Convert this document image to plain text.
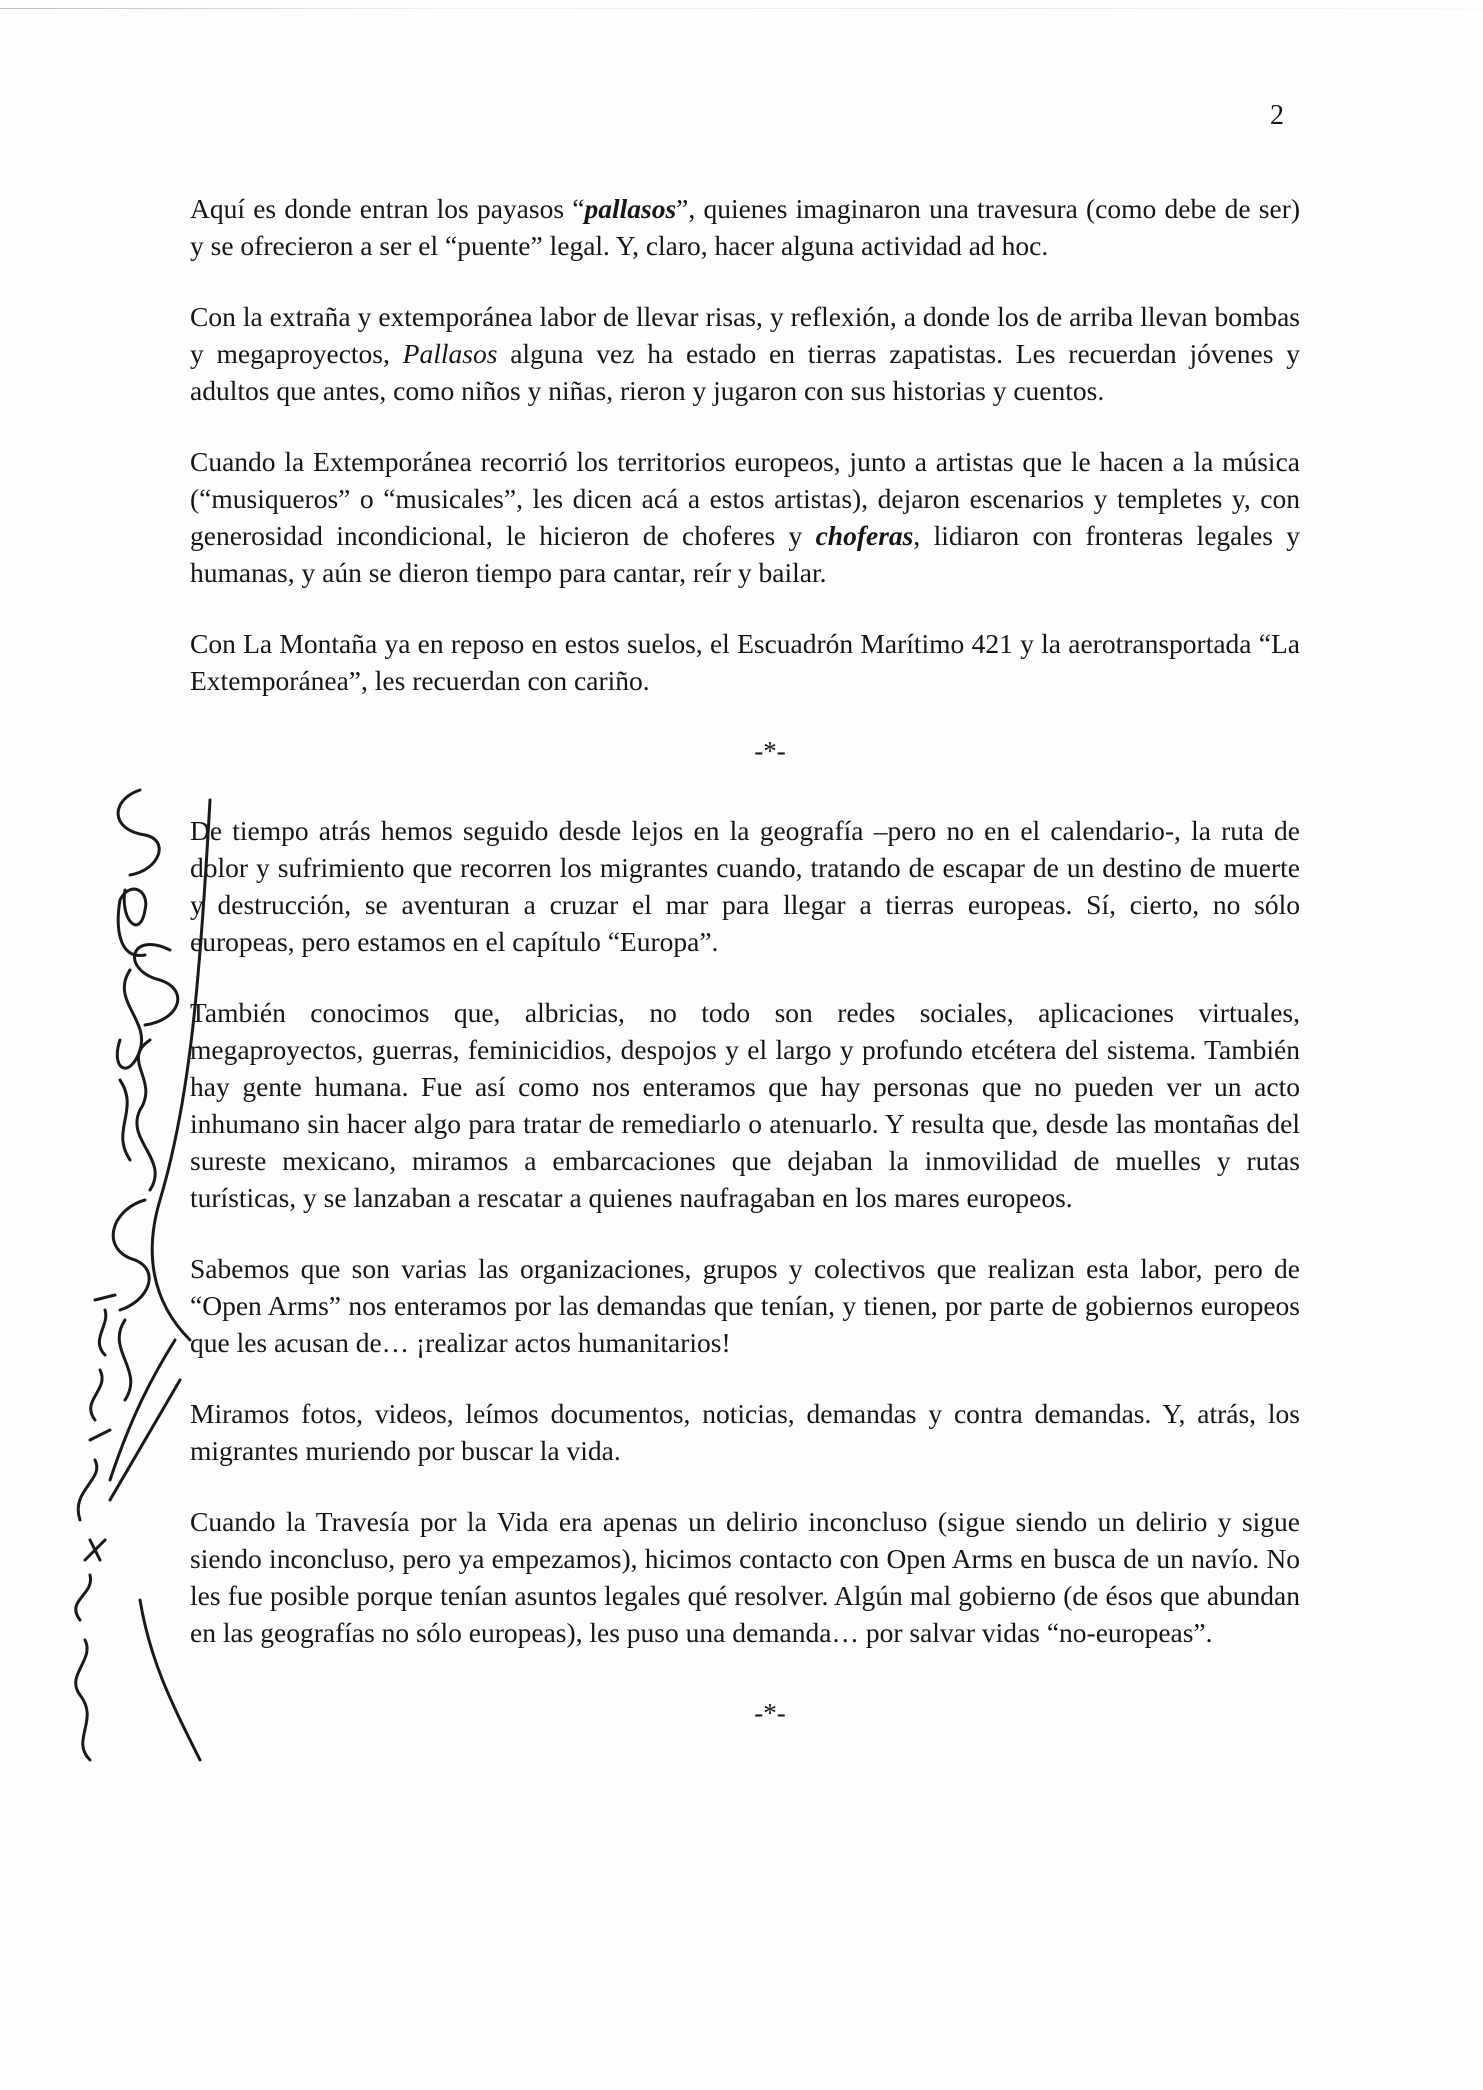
2

Aquí es donde entran los payasos “pallasos”, quienes imaginaron una travesura (como debe de ser) y se ofrecieron a ser el “puente” legal. Y, claro, hacer alguna actividad ad hoc.

Con la extraña y extemporánea labor de llevar risas, y reflexión, a donde los de arriba llevan bombas y megaproyectos, Pallasos alguna vez ha estado en tierras zapatistas. Les recuerdan jóvenes y adultos que antes, como niños y niñas, rieron y jugaron con sus historias y cuentos.

Cuando la Extemporánea recorrió los territorios europeos, junto a artistas que le hacen a la música (“musiqueros” o “musicales”, les dicen acá a estos artistas), dejaron escenarios y templetes y, con generosidad incondicional, le hicieron de choferes y choferas, lidiaron con fronteras legales y humanas, y aún se dieron tiempo para cantar, reír y bailar.

Con La Montaña ya en reposo en estos suelos, el Escuadrón Marítimo 421 y la aerotransportada “La Extemporánea”, les recuerdan con cariño.

-*-

De tiempo atrás hemos seguido desde lejos en la geografía –pero no en el calendario-, la ruta de dolor y sufrimiento que recorren los migrantes cuando, tratando de escapar de un destino de muerte y destrucción, se aventuran a cruzar el mar para llegar a tierras europeas. Sí, cierto, no sólo europeas, pero estamos en el capítulo “Europa”.

También conocimos que, albricias, no todo son redes sociales, aplicaciones virtuales, megaproyectos, guerras, feminicidios, despojos y el largo y profundo etcétera del sistema. También hay gente humana. Fue así como nos enteramos que hay personas que no pueden ver un acto inhumano sin hacer algo para tratar de remediarlo o atenuarlo. Y resulta que, desde las montañas del sureste mexicano, miramos a embarcaciones que dejaban la inmovilidad de muelles y rutas turísticas, y se lanzaban a rescatar a quienes naufragaban en los mares europeos.

Sabemos que son varias las organizaciones, grupos y colectivos que realizan esta labor, pero de “Open Arms” nos enteramos por las demandas que tenían, y tienen, por parte de gobiernos europeos que les acusan de… ¡realizar actos humanitarios!

Miramos fotos, videos, leímos documentos, noticias, demandas y contra demandas. Y, atrás, los migrantes muriendo por buscar la vida.

Cuando la Travesía por la Vida era apenas un delirio inconcluso (sigue siendo un delirio y sigue siendo inconcluso, pero ya empezamos), hicimos contacto con Open Arms en busca de un navío. No les fue posible porque tenían asuntos legales qué resolver. Algún mal gobierno (de ésos que abundan en las geografías no sólo europeas), les puso una demanda… por salvar vidas “no-europeas”.

-*-
